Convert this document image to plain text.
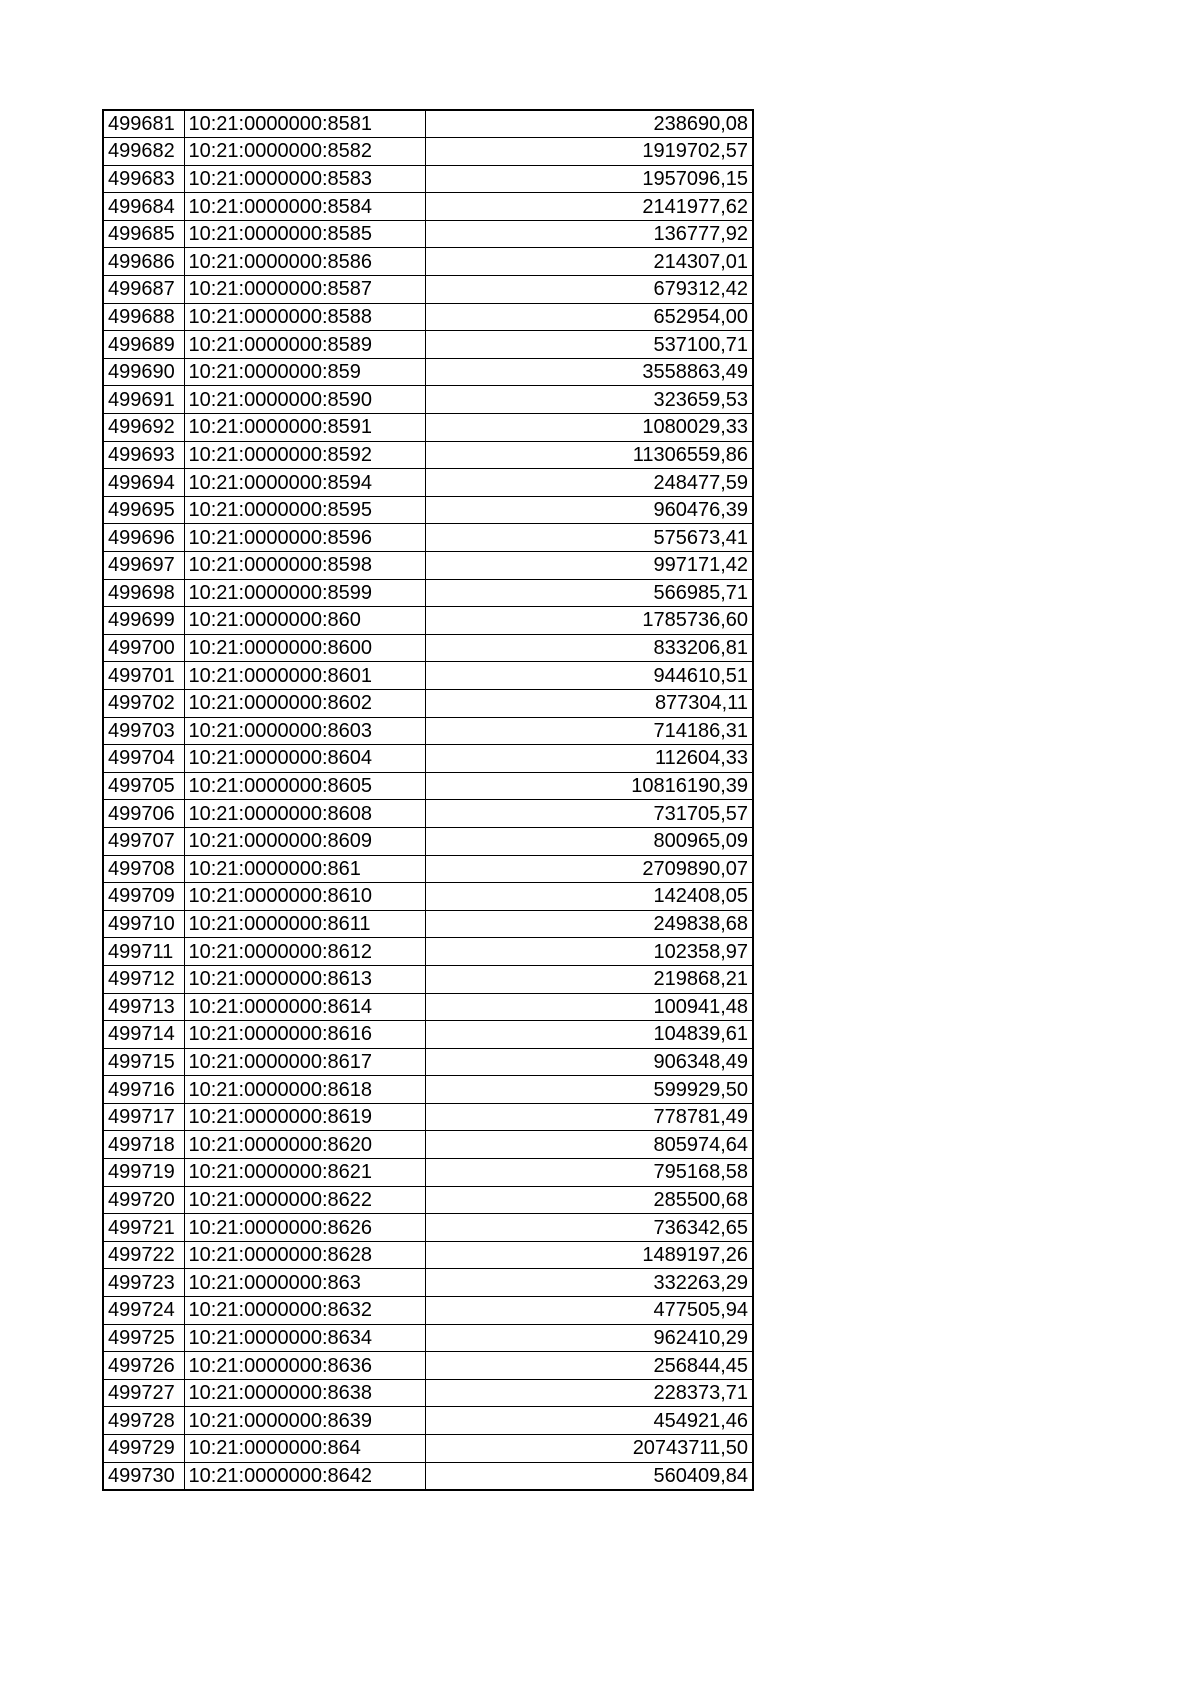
499681	10:21:0000000:8581	238690,08
499682	10:21:0000000:8582	1919702,57
499683	10:21:0000000:8583	1957096,15
499684	10:21:0000000:8584	2141977,62
499685	10:21:0000000:8585	136777,92
499686	10:21:0000000:8586	214307,01
499687	10:21:0000000:8587	679312,42
499688	10:21:0000000:8588	652954,00
499689	10:21:0000000:8589	537100,71
499690	10:21:0000000:859	3558863,49
499691	10:21:0000000:8590	323659,53
499692	10:21:0000000:8591	1080029,33
499693	10:21:0000000:8592	11306559,86
499694	10:21:0000000:8594	248477,59
499695	10:21:0000000:8595	960476,39
499696	10:21:0000000:8596	575673,41
499697	10:21:0000000:8598	997171,42
499698	10:21:0000000:8599	566985,71
499699	10:21:0000000:860	1785736,60
499700	10:21:0000000:8600	833206,81
499701	10:21:0000000:8601	944610,51
499702	10:21:0000000:8602	877304,11
499703	10:21:0000000:8603	714186,31
499704	10:21:0000000:8604	112604,33
499705	10:21:0000000:8605	10816190,39
499706	10:21:0000000:8608	731705,57
499707	10:21:0000000:8609	800965,09
499708	10:21:0000000:861	2709890,07
499709	10:21:0000000:8610	142408,05
499710	10:21:0000000:8611	249838,68
499711	10:21:0000000:8612	102358,97
499712	10:21:0000000:8613	219868,21
499713	10:21:0000000:8614	100941,48
499714	10:21:0000000:8616	104839,61
499715	10:21:0000000:8617	906348,49
499716	10:21:0000000:8618	599929,50
499717	10:21:0000000:8619	778781,49
499718	10:21:0000000:8620	805974,64
499719	10:21:0000000:8621	795168,58
499720	10:21:0000000:8622	285500,68
499721	10:21:0000000:8626	736342,65
499722	10:21:0000000:8628	1489197,26
499723	10:21:0000000:863	332263,29
499724	10:21:0000000:8632	477505,94
499725	10:21:0000000:8634	962410,29
499726	10:21:0000000:8636	256844,45
499727	10:21:0000000:8638	228373,71
499728	10:21:0000000:8639	454921,46
499729	10:21:0000000:864	20743711,50
499730	10:21:0000000:8642	560409,84
